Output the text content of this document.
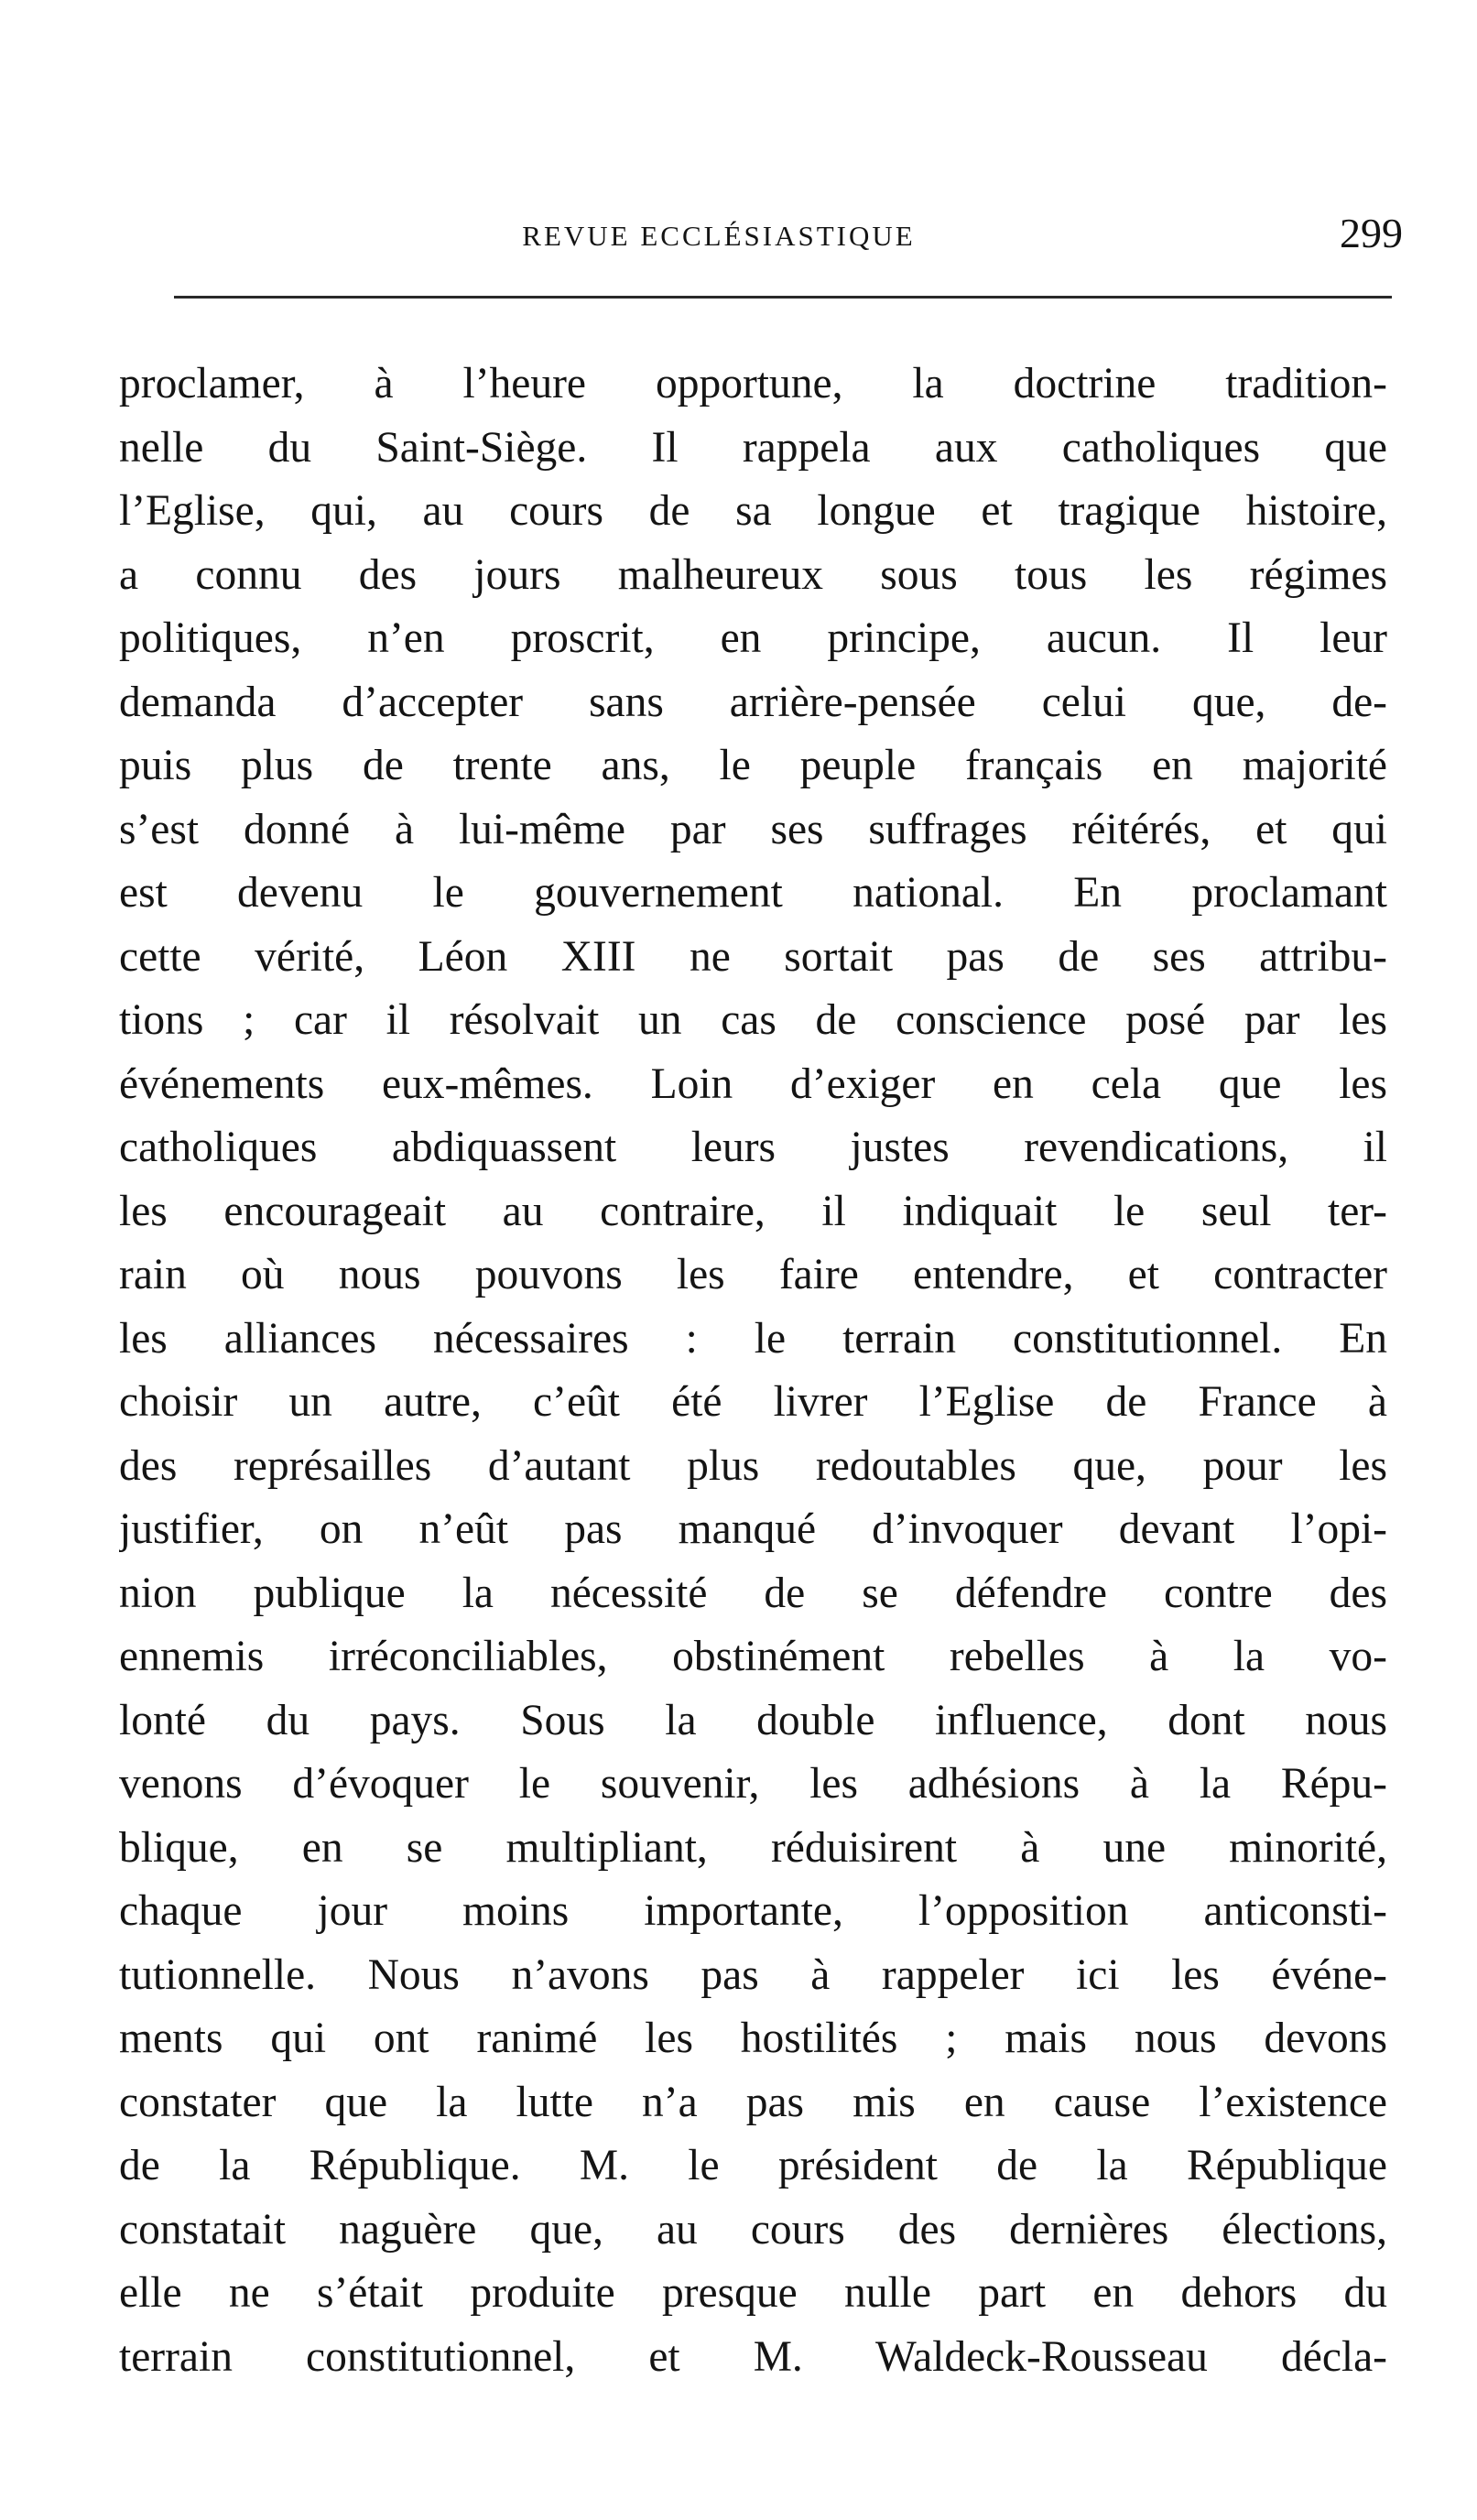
REVUE ECCLÉSIASTIQUE	299
proclamer, à l’heure opportune, la doctrine tradition-
nelle du Saint-Siège. Il rappela aux catholiques que
l’Eglise, qui, au cours de sa longue et tragique histoire,
a connu des jours malheureux sous tous les régimes
politiques, n’en proscrit, en principe, aucun. Il leur
demanda d’accepter sans arrière-pensée celui que, de-
puis plus de trente ans, le peuple français en majorité
s’est donné à lui-même par ses suffrages réitérés, et qui
est devenu le gouvernement national. En proclamant
cette vérité, Léon XIII ne sortait pas de ses attribu-
tions ; car il résolvait un cas de conscience posé par les
événements eux-mêmes. Loin d’exiger en cela que les
catholiques abdiquassent leurs justes revendications, il
les encourageait au contraire, il indiquait le seul ter-
rain où nous pouvons les faire entendre, et contracter
les alliances nécessaires : le terrain constitutionnel. En
choisir un autre, c’eût été livrer l’Eglise de France à
des représailles d’autant plus redoutables que, pour les
justifier, on n’eût pas manqué d’invoquer devant l’opi-
nion publique la nécessité de se défendre contre des
ennemis irréconciliables, obstinément rebelles à la vo-
lonté du pays. Sous la double influence, dont nous
venons d’évoquer le souvenir, les adhésions à la Répu-
blique, en se multipliant, réduisirent à une minorité,
chaque jour moins importante, l’opposition anticonsti-
tutionnelle. Nous n’avons pas à rappeler ici les événe-
ments qui ont ranimé les hostilités ; mais nous devons
constater que la lutte n’a pas mis en cause l’existence
de la République. M. le président de la République
constatait naguère que, au cours des dernières élections,
elle ne s’était produite presque nulle part en dehors du
terrain constitutionnel, et M. Waldeck-Rousseau décla-
